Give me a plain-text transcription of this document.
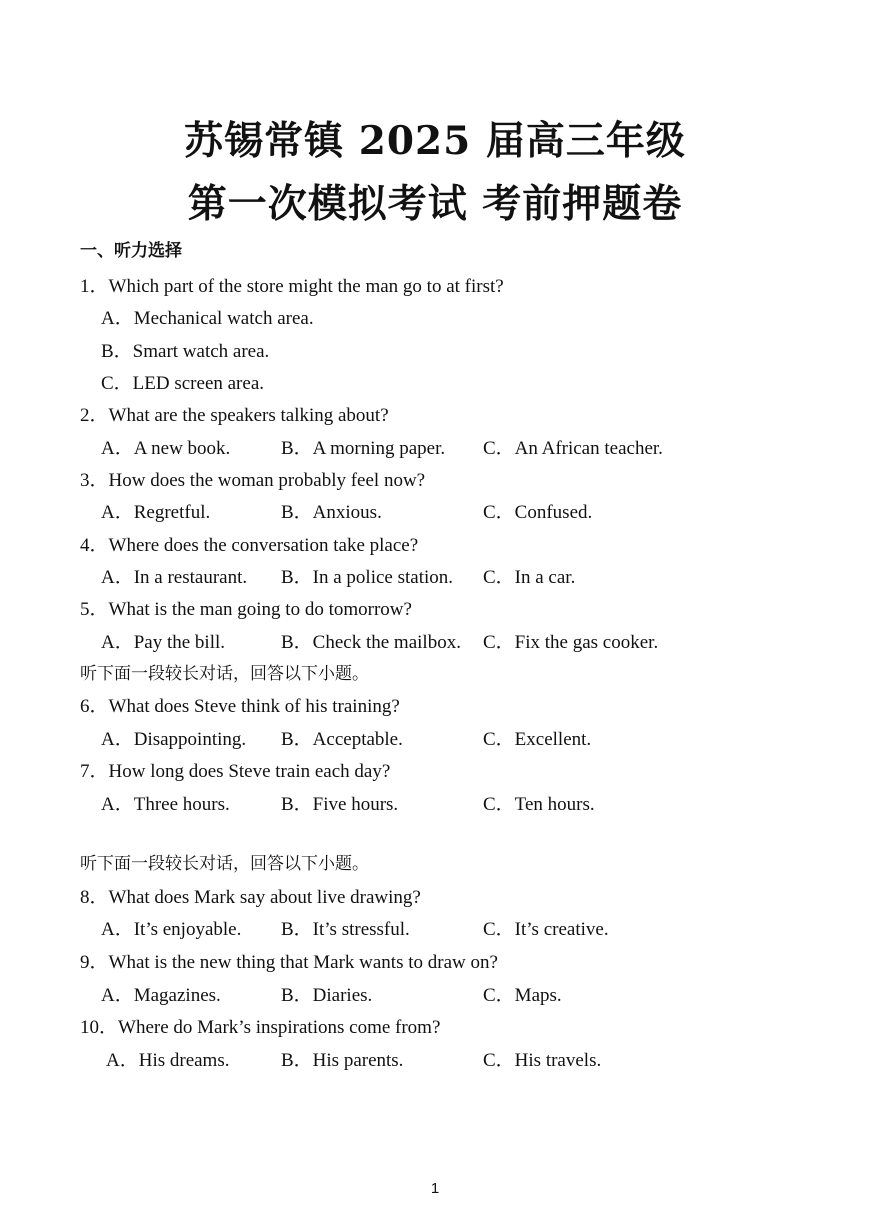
苏锡常镇 2025 届高三年级
第一次模拟考试 考前押题卷
一、听力选择
1．Which part of the store might the man go to at first?
A．Mechanical watch area.
B．Smart watch area.
C．LED screen area.
2．What are the speakers talking about?
A．A new book.	B．A morning paper. C．An African teacher.
3．How does the woman probably feel now?
A．Regretful.	B．Anxious.	C．Confused.
4．Where does the conversation take place?
A．In a restaurant. B．In a police station. C．In a car.
5．What is the man going to do tomorrow?
A．Pay the bill.	B．Check the mailbox. C．Fix the gas cooker.
听下面一段较长对话，回答以下小题。
6．What does Steve think of his training?
A．Disappointing. B．Acceptable.	C．Excellent.
7．How long does Steve train each day?
A．Three hours.	B．Five hours.	C．Ten hours.
听下面一段较长对话，回答以下小题。
8．What does Mark say about live drawing?
A．It’s enjoyable. B．It’s stressful.	C．It’s creative.
9．What is the new thing that Mark wants to draw on?
A．Magazines.	B．Diaries.	C．Maps.
10．Where do Mark’s inspirations come from?
A．His dreams.	B．His parents.	C．His travels.
1
